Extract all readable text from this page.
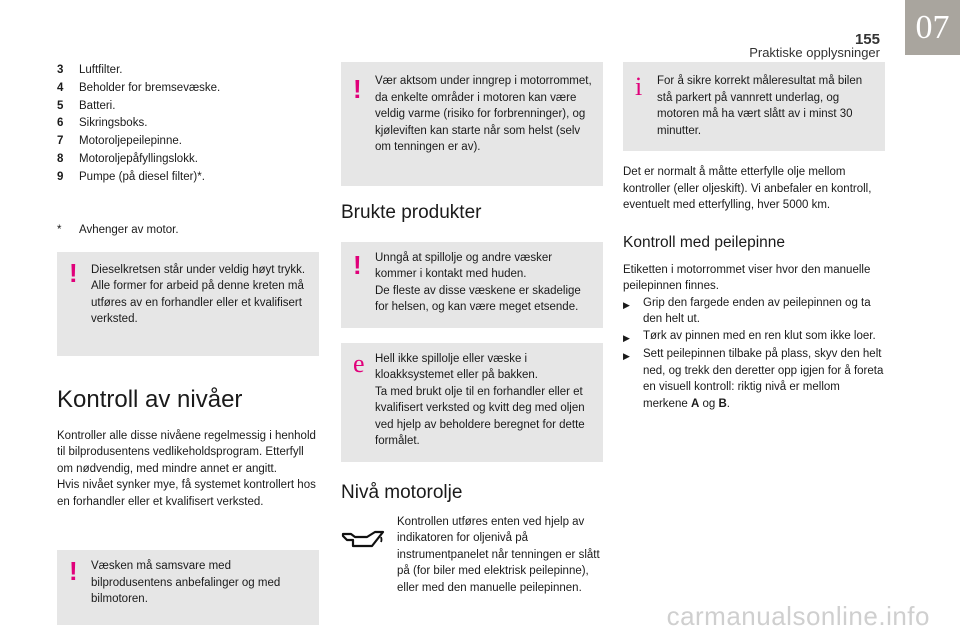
155
Praktiske opplysninger
07
3	Luftfilter.
4	Beholder for bremsevæske.
5	Batteri.
6	Sikringsboks.
7	Motoroljepeilepinne.
8	Motoroljepåfyllingslokk.
9	Pumpe (på diesel filter)*.
*	Avhenger av motor.
!	Dieselkretsen står under veldig høyt trykk. Alle former for arbeid på denne kreten må utføres av en forhandler eller et kvalifisert verksted.
Kontroll av nivåer

Kontroller alle disse nivåene regelmessig i henhold til bilprodusentens vedlikeholdsprogram. Etterfyll om nødvendig, med mindre annet er angitt.

Hvis nivået synker mye, få systemet kontrollert hos en forhandler eller et kvalifisert verksted.

!	Væsken må samsvare med bilprodusentens anbefalinger og med bilmotoren.
!	Vær aktsom under inngrep i motorrommet, da enkelte områder i motoren kan være veldig varme (risiko for forbrenninger), og kjøleviften kan starte når som helst (selv om tenningen er av).
Brukte produkter
!	Unngå at spillolje og andre væsker kommer i kontakt med huden.
De fleste av disse væskene er skadelige for helsen, og kan være meget etsende.
e Hell ikke spillolje eller væske i kloakksystemet eller på bakken.
Ta med brukt olje til en forhandler eller et kvalifisert verksted og kvitt deg med oljen ved hjelp av beholdere beregnet for dette formålet.
Nivå motorolje

Kontrollen utføres enten ved hjelp av indikatoren for oljenivå på instrumentpanelet når tenningen er slått på (for biler med elektrisk peilepinne), eller med den manuelle peilepinnen.

i	For å sikre korrekt måleresultat må bilen stå parkert på vannrett underlag, og motoren må ha vært slått av i minst 30 minutter.

Det er normalt å måtte etterfylle olje mellom kontroller (eller oljeskift). Vi anbefaler en kontroll, eventuelt med etterfylling, hver 5000 km.

Kontroll med peilepinne

Etiketten i motorrommet viser hvor den manuelle peilepinnen finnes.

▶	Grip den fargede enden av peilepinnen og ta den helt ut.
▶	Tørk av pinnen med en ren klut som ikke loer.
▶	Sett peilepinnen tilbake på plass, skyv den helt ned, og trekk den deretter opp igjen for å foreta en visuell kontroll: riktig nivå er mellom merkene A og B.
carmanualsonline.info
